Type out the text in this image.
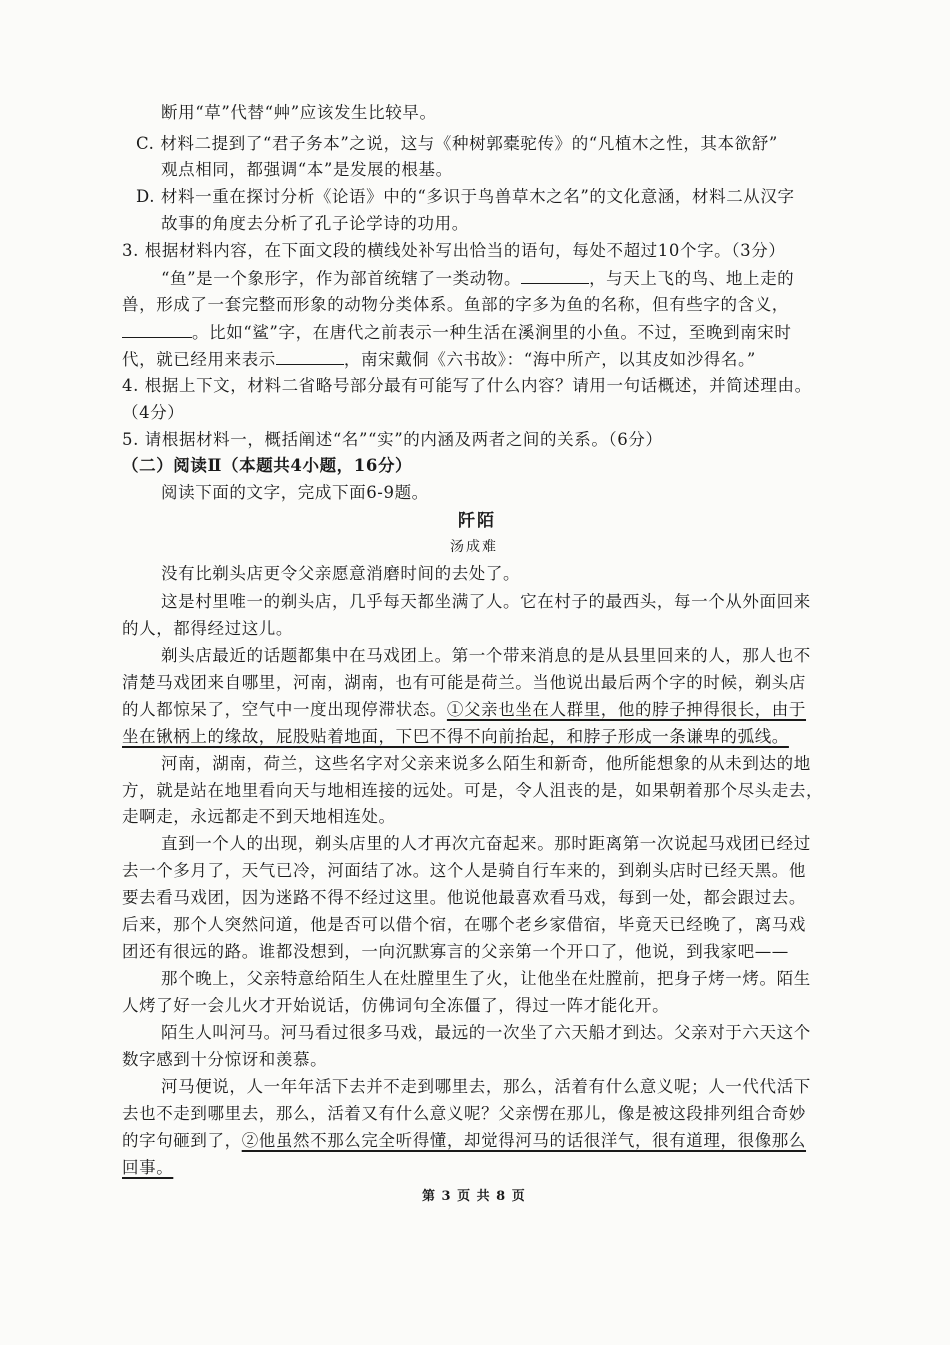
断用“草”代替“艸”应该发生比较早。
C. 材料二提到了“君子务本”之说，这与《种树郭橐驼传》的“凡植木之性，其本欲舒”
观点相同，都强调“本”是发展的根基。
D. 材料一重在探讨分析《论语》中的“多识于鸟兽草木之名”的文化意涵，材料二从汉字
故事的角度去分析了孔子论学诗的功用。
3. 根据材料内容，在下面文段的横线处补写出恰当的语句，每处不超过10个字。（3分）
“鱼”是一个象形字，作为部首统辖了一类动物。	，与天上飞的鸟、地上走的
兽，形成了一套完整而形象的动物分类体系。鱼部的字多为鱼的名称，但有些字的含义，
。比如“鲨”字，在唐代之前表示一种生活在溪涧里的小鱼。不过，至晚到南宋时
代，就已经用来表示	，南宋戴侗《六书故》：“海中所产，以其皮如沙得名。”
4. 根据上下文，材料二省略号部分最有可能写了什么内容？请用一句话概述，并简述理由。
（4分）
5. 请根据材料一，概括阐述“名”“实”的内涵及两者之间的关系。（6分）
（二）阅读Ⅱ（本题共4小题，16分）
阅读下面的文字，完成下面6-9题。
阡陌
汤成难
没有比剃头店更令父亲愿意消磨时间的去处了。
这是村里唯一的剃头店，几乎每天都坐满了人。它在村子的最西头，每一个从外面回来
的人，都得经过这儿。
剃头店最近的话题都集中在马戏团上。第一个带来消息的是从县里回来的人，那人也不
清楚马戏团来自哪里，河南，湖南，也有可能是荷兰。当他说出最后两个字的时候，剃头店
的人都惊呆了，空气中一度出现停滞状态。①父亲也坐在人群里，他的脖子抻得很长，由于
坐在锹柄上的缘故，屁股贴着地面，下巴不得不向前抬起，和脖子形成一条谦卑的弧线。
河南，湖南，荷兰，这些名字对父亲来说多么陌生和新奇，他所能想象的从未到达的地
方，就是站在地里看向天与地相连接的远处。可是，令人沮丧的是，如果朝着那个尽头走去，
走啊走，永远都走不到天地相连处。
直到一个人的出现，剃头店里的人才再次亢奋起来。那时距离第一次说起马戏团已经过
去一个多月了，天气已冷，河面结了冰。这个人是骑自行车来的，到剃头店时已经天黑。他
要去看马戏团，因为迷路不得不经过这里。他说他最喜欢看马戏，每到一处，都会跟过去。
后来，那个人突然问道，他是否可以借个宿，在哪个老乡家借宿，毕竟天已经晚了，离马戏
团还有很远的路。谁都没想到，一向沉默寡言的父亲第一个开口了，他说，到我家吧——
那个晚上，父亲特意给陌生人在灶膛里生了火，让他坐在灶膛前，把身子烤一烤。陌生
人烤了好一会儿火才开始说话，仿佛词句全冻僵了，得过一阵才能化开。
陌生人叫河马。河马看过很多马戏，最远的一次坐了六天船才到达。父亲对于六天这个
数字感到十分惊讶和羡慕。
河马便说，人一年年活下去并不走到哪里去，那么，活着有什么意义呢；人一代代活下
去也不走到哪里去，那么，活着又有什么意义呢？父亲愣在那儿，像是被这段排列组合奇妙
的字句砸到了，②他虽然不那么完全听得懂，却觉得河马的话很洋气，很有道理，很像那么
回事。
第 3 页 共 8 页
